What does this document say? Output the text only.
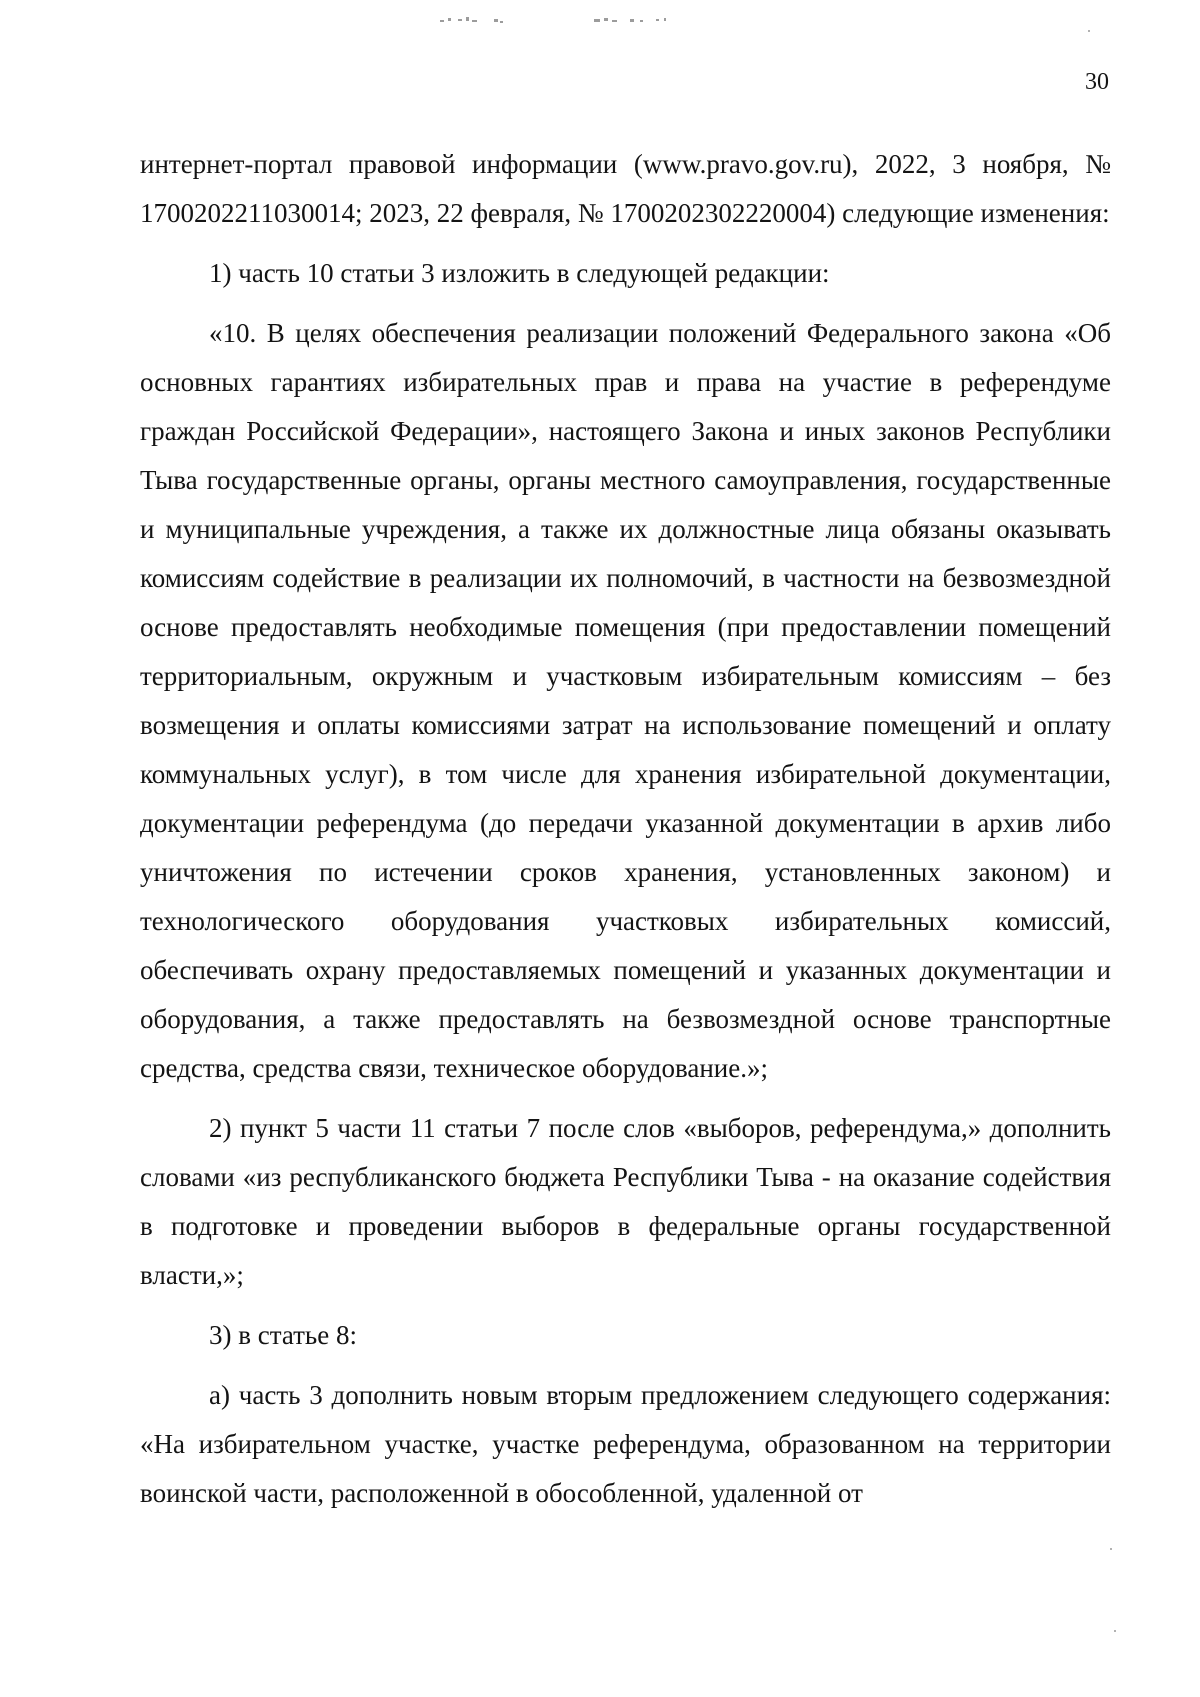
30

интернет-портал правовой информации (www.pravo.gov.ru), 2022, 3 ноября, № 1700202211030014; 2023, 22 февраля, № 1700202302220004) следующие изменения:

1) часть 10 статьи 3 изложить в следующей редакции:

«10. В целях обеспечения реализации положений Федерального закона «Об основных гарантиях избирательных прав и права на участие в референдуме граждан Российской Федерации», настоящего Закона и иных законов Республики Тыва государственные органы, органы местного самоуправления, государственные и муниципальные учреждения, а также их должностные лица обязаны оказывать комиссиям содействие в реализации их полномочий, в частности на безвозмездной основе предоставлять необходимые помещения (при предоставлении помещений территориальным, окружным и участковым избирательным комиссиям – без возмещения и оплаты комиссиями затрат на использование помещений и оплату коммунальных услуг), в том числе для хранения избирательной документации, документации референдума (до передачи указанной документации в архив либо уничтожения по истечении сроков хранения, установленных законом) и технологического оборудования участковых избирательных комиссий, обеспечивать охрану предоставляемых помещений и указанных документации и оборудования, а также предоставлять на безвозмездной основе транспортные средства, средства связи, техническое оборудование.»;

2) пункт 5 части 11 статьи 7 после слов «выборов, референдума,» дополнить словами «из республиканского бюджета Республики Тыва - на оказание содействия в подготовке и проведении выборов в федеральные органы государственной власти,»;

3) в статье 8:

а) часть 3 дополнить новым вторым предложением следующего содержания: «На избирательном участке, участке референдума, образованном на территории воинской части, расположенной в обособленной, удаленной от
